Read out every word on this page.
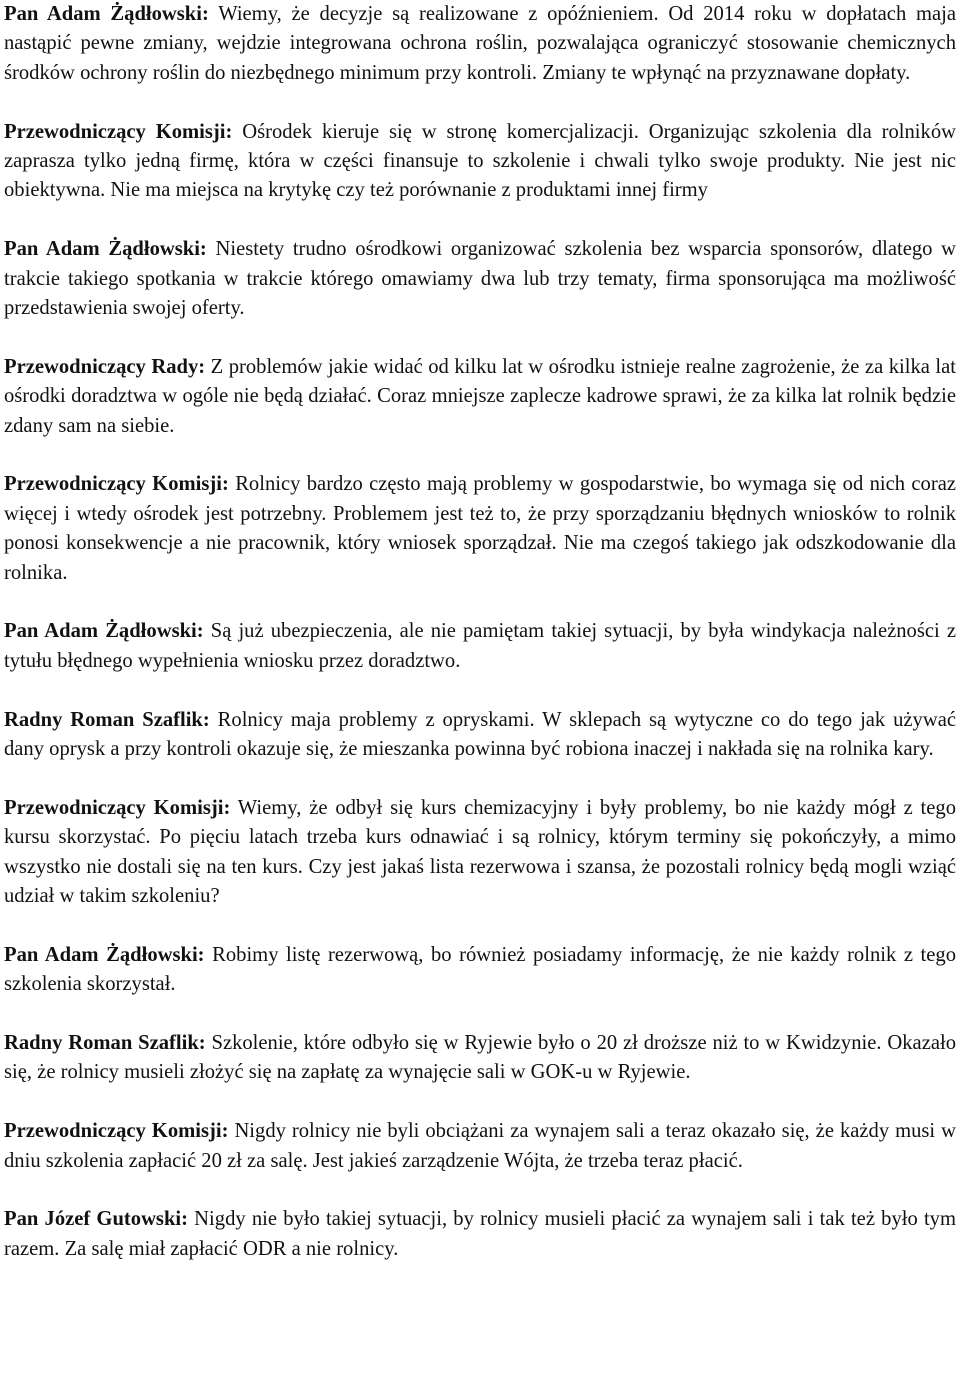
Pan Adam Żądłowski: Wiemy, że decyzje są realizowane z opóźnieniem. Od 2014 roku w dopłatach maja nastąpić pewne zmiany, wejdzie integrowana ochrona roślin, pozwalająca ograniczyć stosowanie chemicznych środków ochrony roślin do niezbędnego minimum przy kontroli. Zmiany te wpłynąć na przyznawane dopłaty.

Przewodniczący Komisji: Ośrodek kieruje się w stronę komercjalizacji. Organizując szkolenia dla rolników zaprasza tylko jedną firmę, która w części finansuje to szkolenie i chwali tylko swoje produkty. Nie jest nic obiektywna. Nie ma miejsca na krytykę czy też porównanie z produktami innej firmy

Pan Adam Żądłowski: Niestety trudno ośrodkowi organizować szkolenia bez wsparcia sponsorów, dlatego w trakcie takiego spotkania w trakcie którego omawiamy dwa lub trzy tematy, firma sponsorująca ma możliwość przedstawienia swojej oferty.

Przewodniczący Rady: Z problemów jakie widać od kilku lat w ośrodku istnieje realne zagrożenie, że za kilka lat ośrodki doradztwa w ogóle nie będą działać. Coraz mniejsze zaplecze kadrowe sprawi, że za kilka lat rolnik będzie zdany sam na siebie.

Przewodniczący Komisji: Rolnicy bardzo często mają problemy w gospodarstwie, bo wymaga się od nich coraz więcej i wtedy ośrodek jest potrzebny. Problemem jest też to, że przy sporządzaniu błędnych wniosków to rolnik ponosi konsekwencje a nie pracownik, który wniosek sporządzał. Nie ma czegoś takiego jak odszkodowanie dla rolnika.

Pan Adam Żądłowski: Są już ubezpieczenia, ale nie pamiętam takiej sytuacji, by była windykacja należności z tytułu błędnego wypełnienia wniosku przez doradztwo.

Radny Roman Szaflik: Rolnicy maja problemy z opryskami. W sklepach są wytyczne co do tego jak używać dany oprysk a przy kontroli okazuje się, że mieszanka powinna być robiona inaczej i nakłada się na rolnika kary.

Przewodniczący Komisji: Wiemy, że odbył się kurs chemizacyjny i były problemy, bo nie każdy mógł z tego kursu skorzystać. Po pięciu latach trzeba kurs odnawiać i są rolnicy, którym terminy się pokończyły, a mimo wszystko nie dostali się na ten kurs. Czy jest jakaś lista rezerwowa i szansa, że pozostali rolnicy będą mogli wziąć udział w takim szkoleniu?

Pan Adam Żądłowski: Robimy listę rezerwową, bo również posiadamy informację, że nie każdy rolnik z tego szkolenia skorzystał.

Radny Roman Szaflik: Szkolenie, które odbyło się w Ryjewie było o 20 zł droższe niż to w Kwidzynie. Okazało się, że rolnicy musieli złożyć się na zapłatę za wynajęcie sali w GOK-u w Ryjewie.

Przewodniczący Komisji: Nigdy rolnicy nie byli obciążani za wynajem sali a teraz okazało się, że każdy musi w dniu szkolenia zapłacić 20 zł za salę. Jest jakieś zarządzenie Wójta, że trzeba teraz płacić.

Pan Józef Gutowski: Nigdy nie było takiej sytuacji, by rolnicy musieli płacić za wynajem sali i tak też było tym razem. Za salę miał zapłacić ODR a nie rolnicy.
